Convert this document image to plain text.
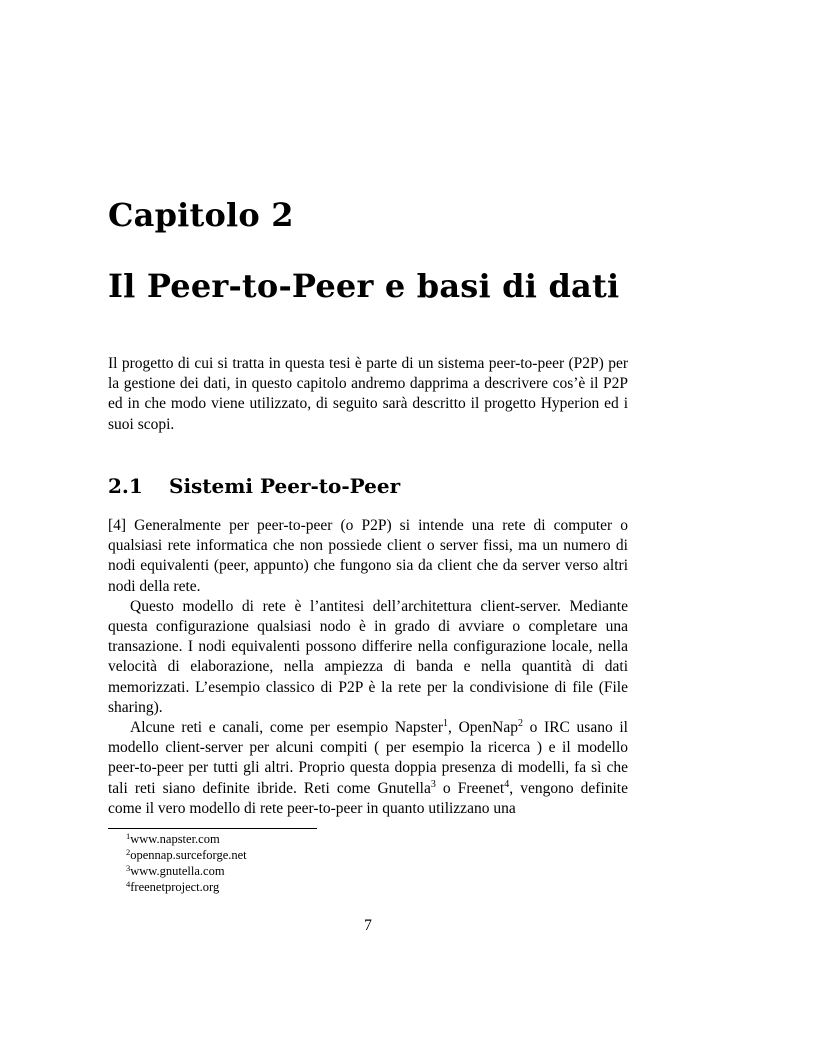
Capitolo 2
Il Peer-to-Peer e basi di dati

Il progetto di cui si tratta in questa tesi è parte di un sistema peer-to-peer (P2P) per la gestione dei dati, in questo capitolo andremo dapprima a descrivere cos’è il P2P ed in che modo viene utilizzato, di seguito sarà descritto il progetto Hyperion ed i suoi scopi.

2.1 Sistemi Peer-to-Peer

[4] Generalmente per peer-to-peer (o P2P) si intende una rete di computer o qualsiasi rete informatica che non possiede client o server fissi, ma un numero di nodi equivalenti (peer, appunto) che fungono sia da client che da server verso altri nodi della rete.

Questo modello di rete è l’antitesi dell’architettura client-server. Mediante questa configurazione qualsiasi nodo è in grado di avviare o completare una transazione. I nodi equivalenti possono differire nella configurazione locale, nella velocità di elaborazione, nella ampiezza di banda e nella quantità di dati memorizzati. L’esempio classico di P2P è la rete per la condivisione di file (File sharing).

Alcune reti e canali, come per esempio Napster$^1$, OpenNap$^2$ o IRC usano il modello client-server per alcuni compiti ( per esempio la ricerca ) e il modello peer-to-peer per tutti gli altri. Proprio questa doppia presenza di modelli, fa sì che tali reti siano definite ibride. Reti come Gnutella$^3$ o Freenet$^4$, vengono definite come il vero modello di rete peer-to-peer in quanto utilizzano una

$^1$www.napster.com
$^2$opennap.surceforge.net
$^3$www.gnutella.com
$^4$freenetproject.org
7
